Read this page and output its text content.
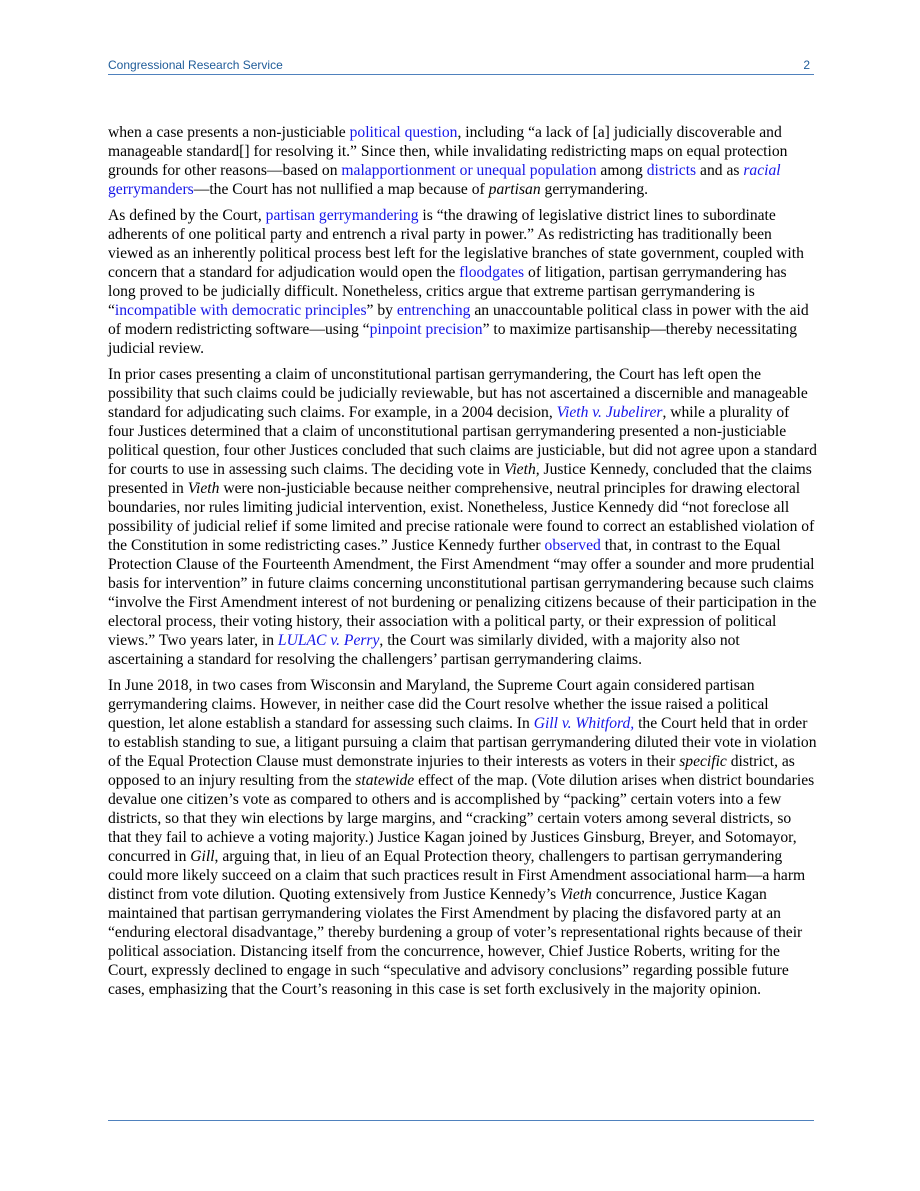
Congressional Research Service	2

when a case presents a non-justiciable political question, including “a lack of [a] judicially discoverable and manageable standard[] for resolving it.” Since then, while invalidating redistricting maps on equal protection grounds for other reasons—based on malapportionment or unequal population among districts and as racial gerrymanders—the Court has not nullified a map because of partisan gerrymandering.

As defined by the Court, partisan gerrymandering is “the drawing of legislative district lines to subordinate adherents of one political party and entrench a rival party in power.” As redistricting has traditionally been viewed as an inherently political process best left for the legislative branches of state government, coupled with concern that a standard for adjudication would open the floodgates of litigation, partisan gerrymandering has long proved to be judicially difficult. Nonetheless, critics argue that extreme partisan gerrymandering is “incompatible with democratic principles” by entrenching an unaccountable political class in power with the aid of modern redistricting software—using “pinpoint precision” to maximize partisanship—thereby necessitating judicial review.

In prior cases presenting a claim of unconstitutional partisan gerrymandering, the Court has left open the possibility that such claims could be judicially reviewable, but has not ascertained a discernible and manageable standard for adjudicating such claims. For example, in a 2004 decision, Vieth v. Jubelirer, while a plurality of four Justices determined that a claim of unconstitutional partisan gerrymandering presented a non-justiciable political question, four other Justices concluded that such claims are justiciable, but did not agree upon a standard for courts to use in assessing such claims. The deciding vote in Vieth, Justice Kennedy, concluded that the claims presented in Vieth were non-justiciable because neither comprehensive, neutral principles for drawing electoral boundaries, nor rules limiting judicial intervention, exist. Nonetheless, Justice Kennedy did “not foreclose all possibility of judicial relief if some limited and precise rationale were found to correct an established violation of the Constitution in some redistricting cases.” Justice Kennedy further observed that, in contrast to the Equal Protection Clause of the Fourteenth Amendment, the First Amendment “may offer a sounder and more prudential basis for intervention” in future claims concerning unconstitutional partisan gerrymandering because such claims “involve the First Amendment interest of not burdening or penalizing citizens because of their participation in the electoral process, their voting history, their association with a political party, or their expression of political views.” Two years later, in LULAC v. Perry, the Court was similarly divided, with a majority also not ascertaining a standard for resolving the challengers’ partisan gerrymandering claims.

In June 2018, in two cases from Wisconsin and Maryland, the Supreme Court again considered partisan gerrymandering claims. However, in neither case did the Court resolve whether the issue raised a political question, let alone establish a standard for assessing such claims. In Gill v. Whitford, the Court held that in order to establish standing to sue, a litigant pursuing a claim that partisan gerrymandering diluted their vote in violation of the Equal Protection Clause must demonstrate injuries to their interests as voters in their specific district, as opposed to an injury resulting from the statewide effect of the map. (Vote dilution arises when district boundaries devalue one citizen’s vote as compared to others and is accomplished by “packing” certain voters into a few districts, so that they win elections by large margins, and “cracking” certain voters among several districts, so that they fail to achieve a voting majority.) Justice Kagan joined by Justices Ginsburg, Breyer, and Sotomayor, concurred in Gill, arguing that, in lieu of an Equal Protection theory, challengers to partisan gerrymandering could more likely succeed on a claim that such practices result in First Amendment associational harm—a harm distinct from vote dilution. Quoting extensively from Justice Kennedy’s Vieth concurrence, Justice Kagan maintained that partisan gerrymandering violates the First Amendment by placing the disfavored party at an “enduring electoral disadvantage,” thereby burdening a group of voter’s representational rights because of their political association. Distancing itself from the concurrence, however, Chief Justice Roberts, writing for the Court, expressly declined to engage in such “speculative and advisory conclusions” regarding possible future cases, emphasizing that the Court’s reasoning in this case is set forth exclusively in the majority opinion.
